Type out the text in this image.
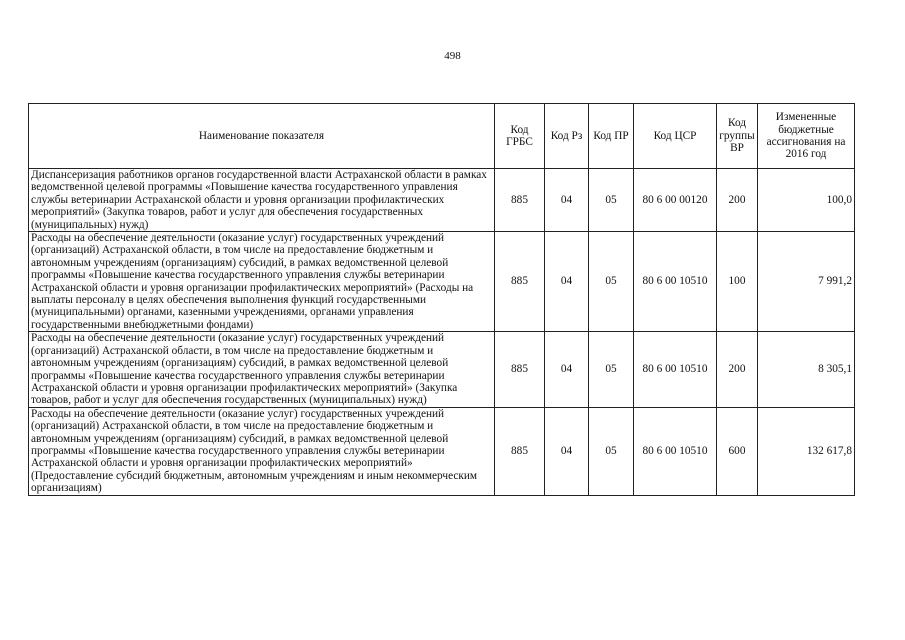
498
Наименование показателя	Код ГРБС	Код Рз	Код ПР	Код ЦСР	Код группы ВР	Измененные бюджетные ассигнования на 2016 год
Диспансеризация работников органов государственной власти Астраханской области в рамках ведомственной целевой программы «Повышение качества государственного управления службы ветеринарии Астраханской области и уровня организации профилактических мероприятий» (Закупка товаров, работ и услуг для обеспечения государственных (муниципальных) нужд)	885	04	05	80 6 00 00120	200	100,0
Расходы на обеспечение деятельности (оказание услуг) государственных учреждений (организаций) Астраханской области, в том числе на предоставление бюджетным и автономным учреждениям (организациям) субсидий, в рамках ведомственной целевой программы «Повышение качества государственного управления службы ветеринарии Астраханской области и уровня организации профилактических мероприятий» (Расходы на выплаты персоналу в целях обеспечения выполнения функций государственными (муниципальными) органами, казенными учреждениями, органами управления государственными внебюджетными фондами)	885	04	05	80 6 00 10510	100	7 991,2
Расходы на обеспечение деятельности (оказание услуг) государственных учреждений (организаций) Астраханской области, в том числе на предоставление бюджетным и автономным учреждениям (организациям) субсидий, в рамках ведомственной целевой программы «Повышение качества государственного управления службы ветеринарии Астраханской области и уровня организации профилактических мероприятий» (Закупка товаров, работ и услуг для обеспечения государственных (муниципальных) нужд)	885	04	05	80 6 00 10510	200	8 305,1
Расходы на обеспечение деятельности (оказание услуг) государственных учреждений (организаций) Астраханской области, в том числе на предоставление бюджетным и автономным учреждениям (организациям) субсидий, в рамках ведомственной целевой программы «Повышение качества государственного управления службы ветеринарии Астраханской области и уровня организации профилактических мероприятий» (Предоставление субсидий бюджетным, автономным учреждениям и иным некоммерческим организациям)	885	04	05	80 6 00 10510	600	132 617,8
